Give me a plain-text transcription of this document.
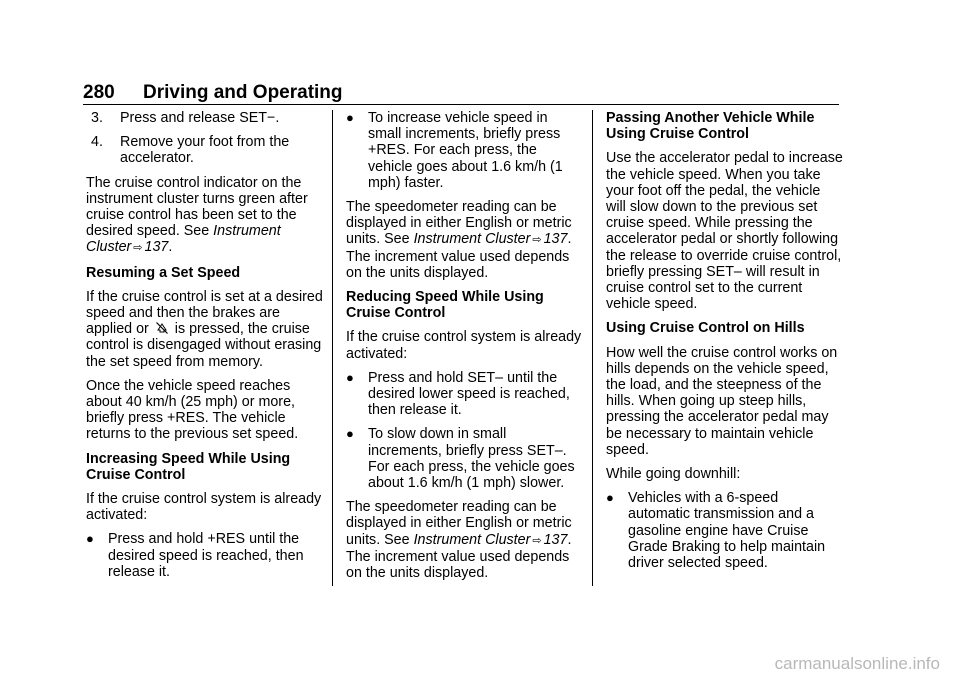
280 Driving and Operating
3. Press and release SET−.
4. Remove your foot from the accelerator.

The cruise control indicator on the instrument cluster turns green after cruise control has been set to the desired speed. See Instrument Cluster ⇨ 137.

Resuming a Set Speed

If the cruise control is set at a desired speed and then the brakes are applied or is pressed, the cruise control is disengaged without erasing the set speed from memory.

Once the vehicle speed reaches about 40 km/h (25 mph) or more, briefly press +RES. The vehicle returns to the previous set speed.

Increasing Speed While Using Cruise Control

If the cruise control system is already activated:

● Press and hold +RES until the desired speed is reached, then release it.
● To increase vehicle speed in small increments, briefly press +RES. For each press, the vehicle goes about 1.6 km/h (1 mph) faster.

The speedometer reading can be displayed in either English or metric units. See Instrument Cluster ⇨ 137. The increment value used depends on the units displayed.

Reducing Speed While Using Cruise Control

If the cruise control system is already activated:

● Press and hold SET– until the desired lower speed is reached, then release it.
● To slow down in small increments, briefly press SET–. For each press, the vehicle goes about 1.6 km/h (1 mph) slower.

The speedometer reading can be displayed in either English or metric units. See Instrument Cluster ⇨ 137. The increment value used depends on the units displayed.

Passing Another Vehicle While Using Cruise Control

Use the accelerator pedal to increase the vehicle speed. When you take your foot off the pedal, the vehicle will slow down to the previous set cruise speed. While pressing the accelerator pedal or shortly following the release to override cruise control, briefly pressing SET– will result in cruise control set to the current vehicle speed.

Using Cruise Control on Hills

How well the cruise control works on hills depends on the vehicle speed, the load, and the steepness of the hills. When going up steep hills, pressing the accelerator pedal may be necessary to maintain vehicle speed.

While going downhill:

● Vehicles with a 6-speed automatic transmission and a gasoline engine have Cruise Grade Braking to help maintain driver selected speed.
carmanualsonline.info
